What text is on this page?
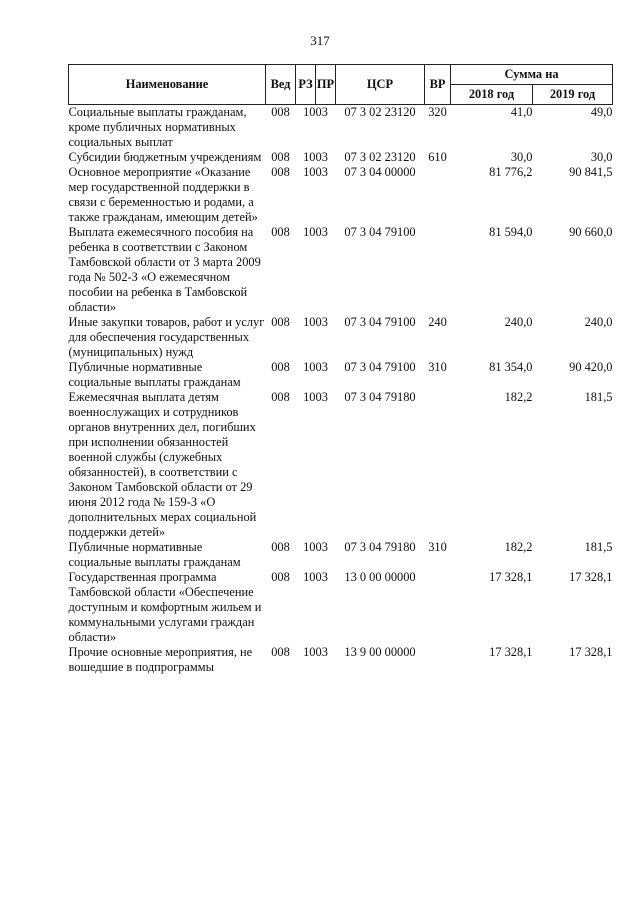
317
Наименование	Вед	РЗ	ПР	ЦСР	ВР	Сумма на	
						2018 год	2019 год
Социальные выплаты гражданам, кроме публичных нормативных социальных выплат	008	10	03	07 3 02 23120	320	41,0	49,0
Субсидии бюджетным учреждениям	008	10	03	07 3 02 23120	610	30,0	30,0
Основное мероприятие «Оказание мер государственной поддержки в связи с беременностью и родами, а также гражданам, имеющим детей»	008	10	03	07 3 04 00000		81 776,2	90 841,5
Выплата ежемесячного пособия на ребенка в соответствии с Законом Тамбовской области от 3 марта 2009 года № 502-З «О ежемесячном пособии на ребенка в Тамбовской области»	008	10	03	07 3 04 79100		81 594,0	90 660,0
Иные закупки товаров, работ и услуг для обеспечения государственных (муниципальных) нужд	008	10	03	07 3 04 79100	240	240,0	240,0
Публичные нормативные социальные выплаты гражданам	008	10	03	07 3 04 79100	310	81 354,0	90 420,0
Ежемесячная выплата детям военнослужащих и сотрудников органов внутренних дел, погибших при исполнении обязанностей военной службы (служебных обязанностей), в соответствии с Законом Тамбовской области от 29 июня 2012 года № 159-З «О дополнительных мерах социальной поддержки детей»	008	10	03	07 3 04 79180		182,2	181,5
Публичные нормативные социальные выплаты гражданам	008	10	03	07 3 04 79180	310	182,2	181,5
Государственная программа Тамбовской области «Обеспечение доступным и комфортным жильем и коммунальными услугами граждан области»	008	10	03	13 0 00 00000		17 328,1	17 328,1
Прочие основные мероприятия, не вошедшие в подпрограммы	008	10	03	13 9 00 00000		17 328,1	17 328,1
